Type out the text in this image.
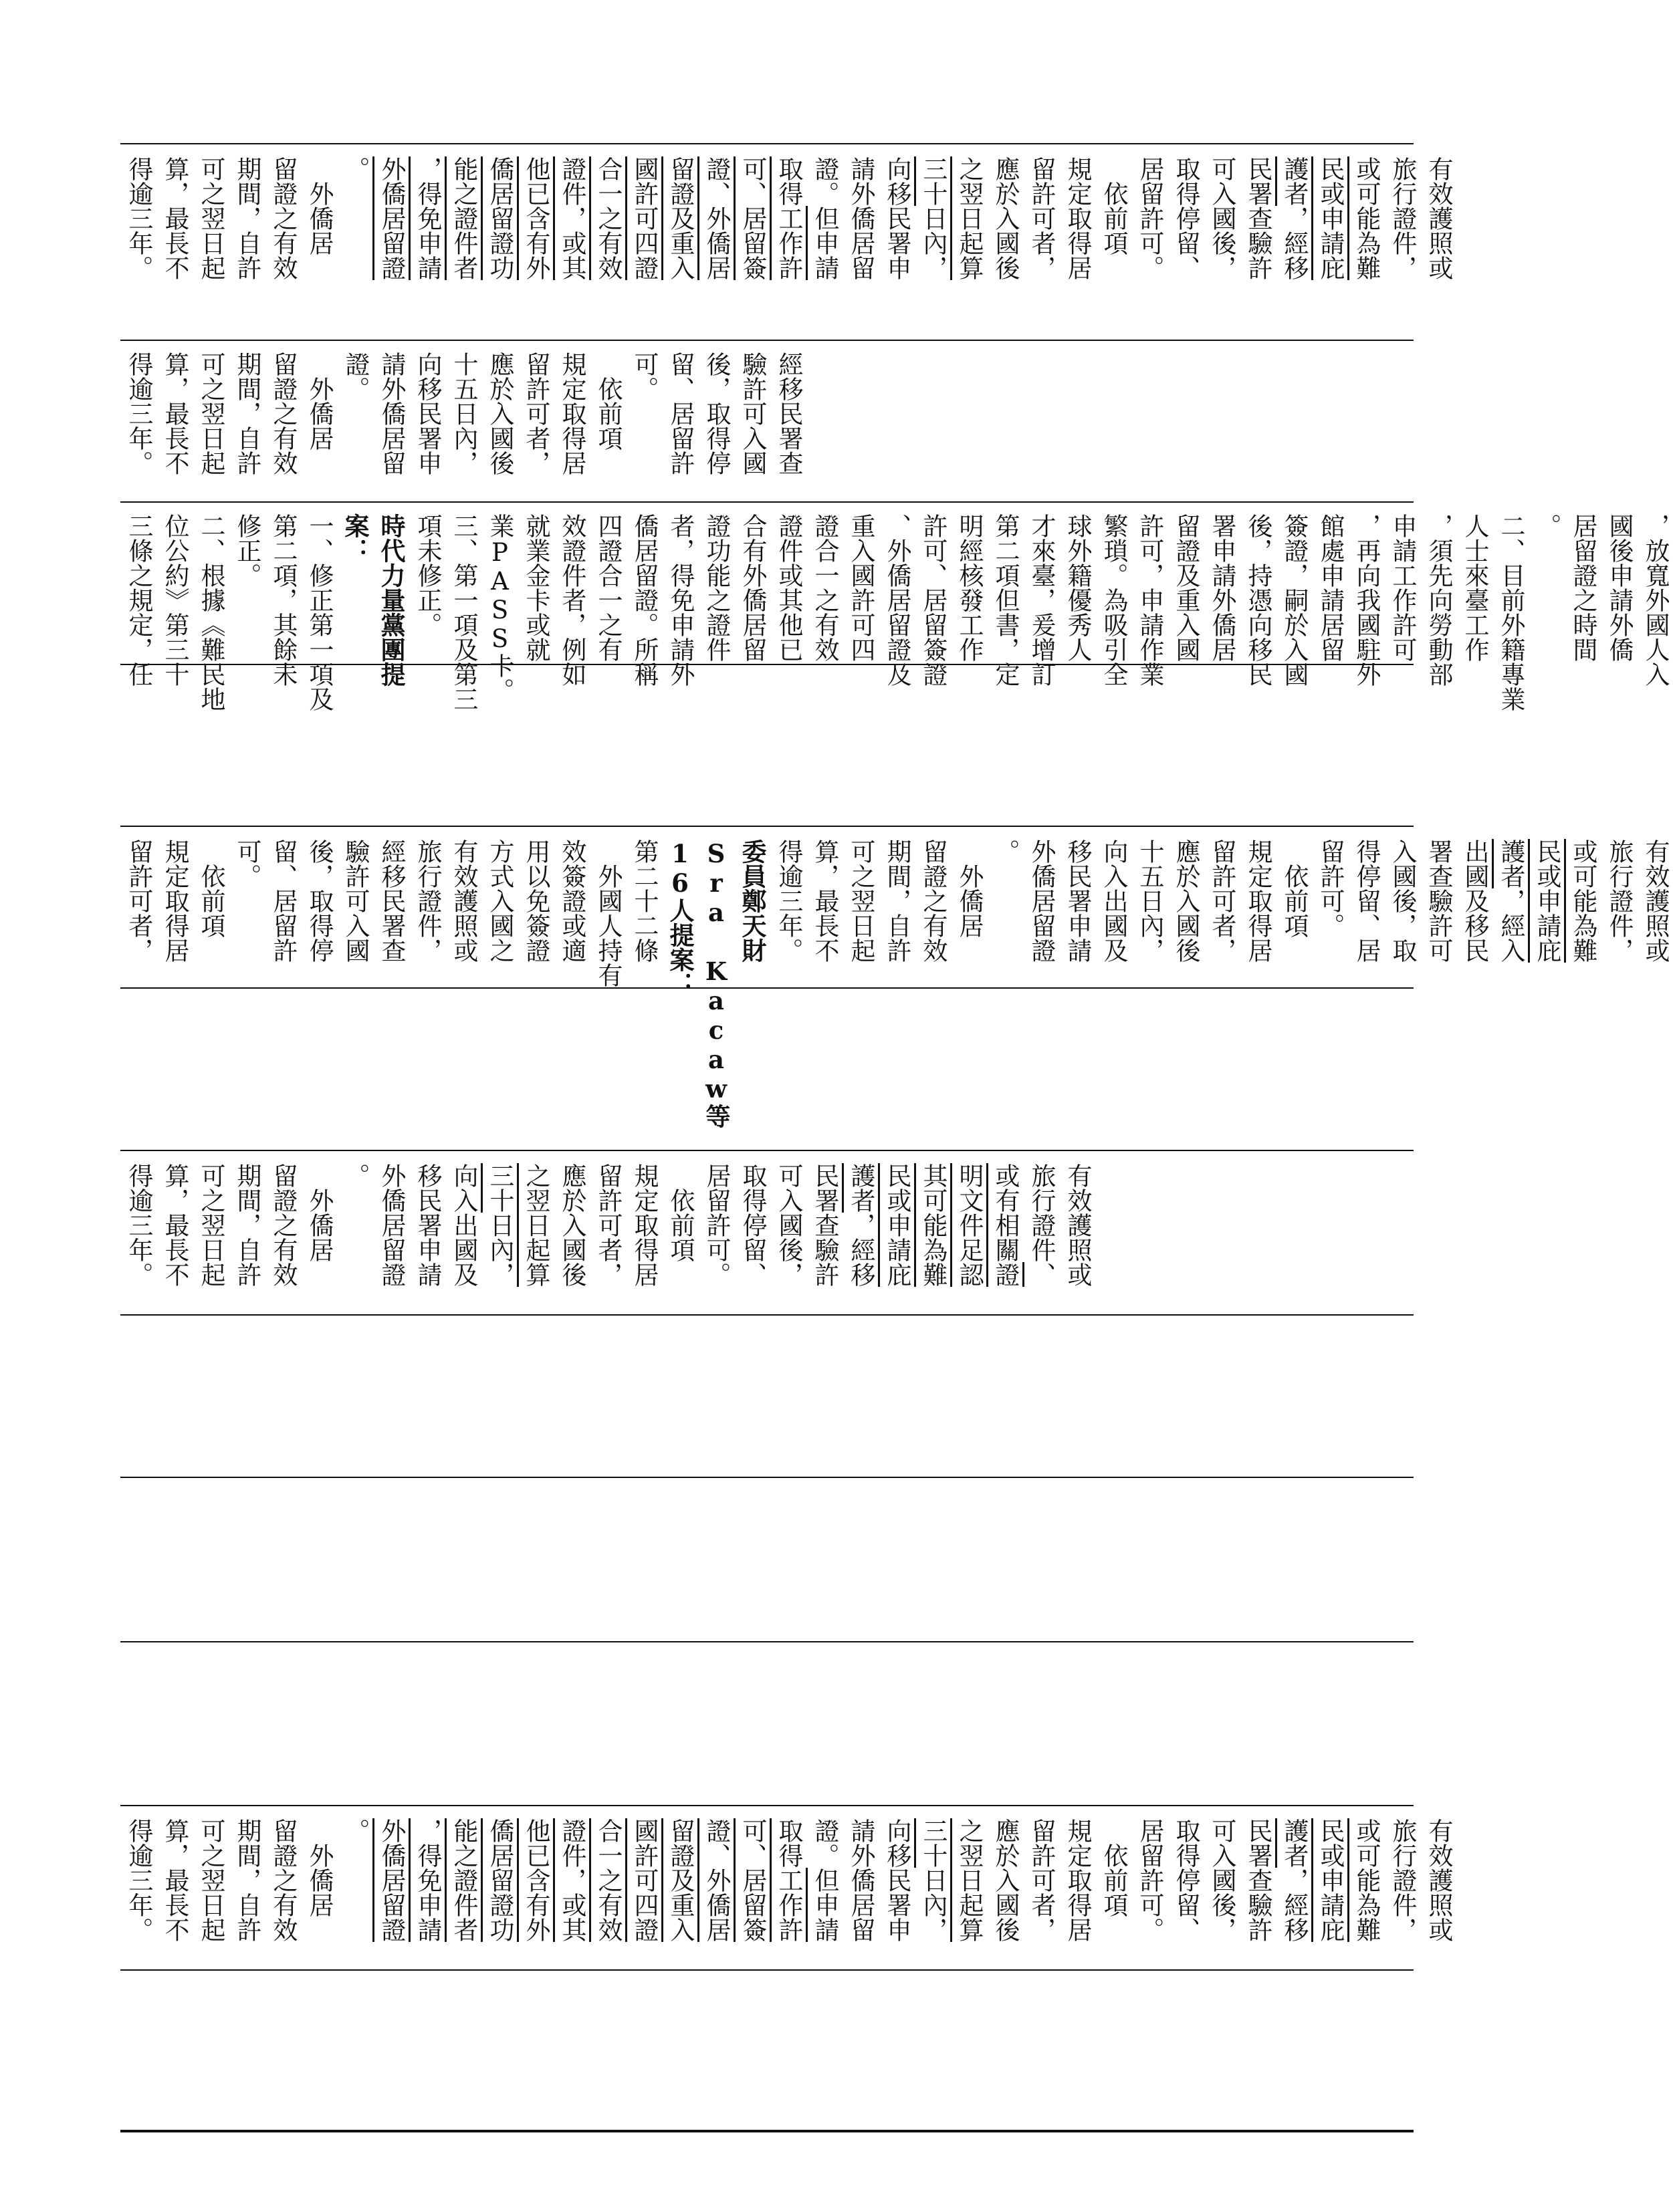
有效護照或
旅行證件，
或可能為難
民或申請庇
護者，經移
民署查驗許
可入國後，
取得停留、
居留許可。
　依前項
規定取得居
留許可者，
應於入國後
之翌日起算
三十日內，
向移民署申
請外僑居留
證。但申請
取得工作許
可、居留簽
證、外僑居
留證及重入
國許可四證
合一之有效
證件，或其
他已含有外
僑居留證功
能之證件者
，得免申請
外僑居留證
。
　外僑居
留證之有效
期間，自許
可之翌日起
算，最長不
得逾三年。
經移民署查
驗許可入國
後，取得停
留、居留許
可。
　依前項
規定取得居
留許可者，
應於入國後
十五日內，
向移民署申
請外僑居留
證。
　外僑居
留證之有效
期間，自許
可之翌日起
算，最長不
得逾三年。
，放寬外國人入
國後申請外僑
居留證之時間
。
二、目前外籍專業
人士來臺工作
，須先向勞動部
申請工作許可
，再向我國駐外
館處申請居留
簽證，嗣於入國
後，持憑向移民
署申請外僑居
留證及重入國
許可，申請作業
繁瑣。為吸引全
球外籍優秀人
才來臺，爰增訂
第二項但書，定
明經核發工作
許可、居留簽證
、外僑居留證及
重入國許可四
證合一之有效
證件或其他已
合有外僑居留
證功能之證件
者，得免申請外
僑居留證。所稱
四證合一之有
效證件者，例如
就業金卡或就
業PASS卡。
三、第一項及第三
項未修正。
時代力量黨團提
案：
一、修正第一項及
第二項，其餘未
修正。
二、根據《難民地
位公約》第三十
三條之規定，任
有效護照或
旅行證件，
或可能為難
民或申請庇
護者，經入
出國及移民
署查驗許可
入國後，取
得停留、居
留許可。
　依前項
規定取得居
留許可者，
應於入國後
十五日內，
向入出國及
移民署申請
外僑居留證
。
　外僑居
留證之有效
期間，自許
可之翌日起
算，最長不
得逾三年。
委員鄭天財
Sra Kacaw等
16人提案：
第二十二條
　外國人持有
效簽證或適
用以免簽證
方式入國之
有效護照或
旅行證件，
經移民署查
驗許可入國
後，取得停
留、居留許
可。
　依前項
規定取得居
留許可者，
有效護照或
旅行證件、
或有相關證
明文件足認
其可能為難
民或申請庇
護者，經移
民署查驗許
可入國後，
取得停留、
居留許可。
　依前項
規定取得居
留許可者，
應於入國後
之翌日起算
三十日內，
向入出國及
移民署申請
外僑居留證
。
　外僑居
留證之有效
期間，自許
可之翌日起
算，最長不
得逾三年。
有效護照或
旅行證件，
或可能為難
民或申請庇
護者，經移
民署查驗許
可入國後，
取得停留、
居留許可。
　依前項
規定取得居
留許可者，
應於入國後
之翌日起算
三十日內，
向移民署申
請外僑居留
證。但申請
取得工作許
可、居留簽
證、外僑居
留證及重入
國許可四證
合一之有效
證件，或其
他已含有外
僑居留證功
能之證件者
，得免申請
外僑居留證
。
　外僑居
留證之有效
期間，自許
可之翌日起
算，最長不
得逾三年。
